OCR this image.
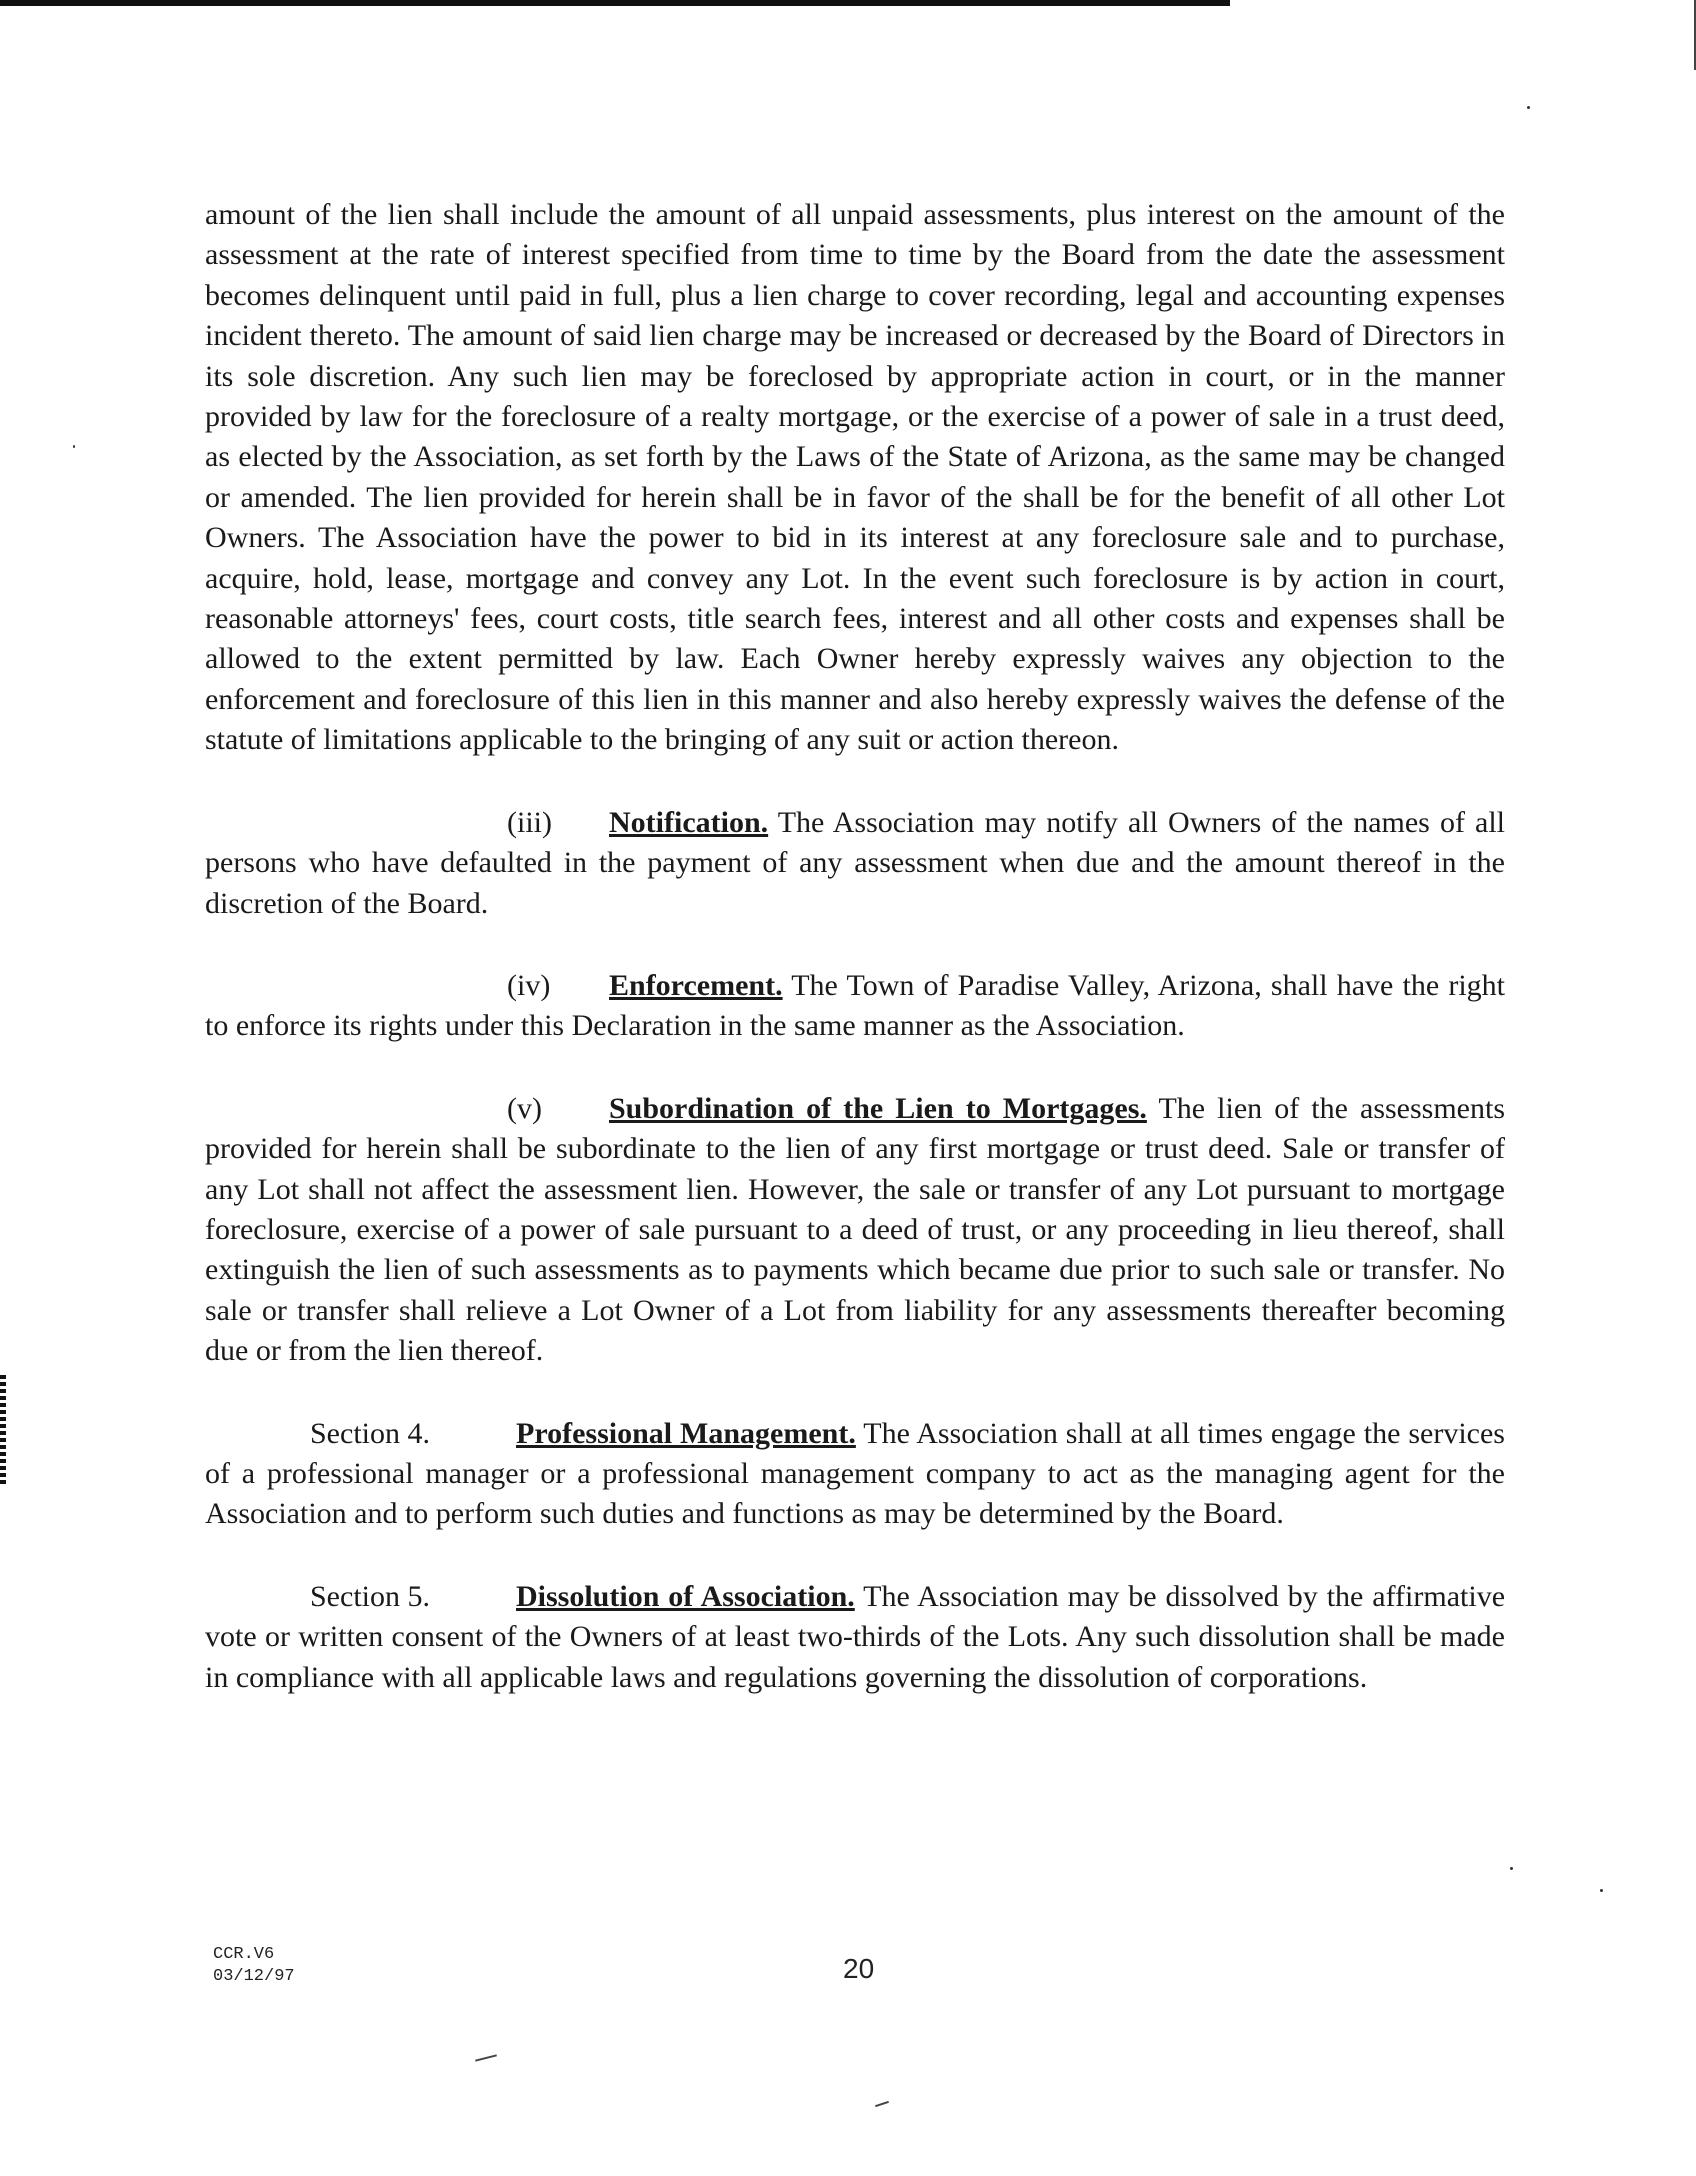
amount of the lien shall include the amount of all unpaid assessments, plus interest on the amount of the assessment at the rate of interest specified from time to time by the Board from the date the assessment becomes delinquent until paid in full, plus a lien charge to cover recording, legal and accounting expenses incident thereto. The amount of said lien charge may be increased or decreased by the Board of Directors in its sole discretion. Any such lien may be foreclosed by appropriate action in court, or in the manner provided by law for the foreclosure of a realty mortgage, or the exercise of a power of sale in a trust deed, as elected by the Association, as set forth by the Laws of the State of Arizona, as the same may be changed or amended. The lien provided for herein shall be in favor of the shall be for the benefit of all other Lot Owners. The Association have the power to bid in its interest at any foreclosure sale and to purchase, acquire, hold, lease, mortgage and convey any Lot. In the event such foreclosure is by action in court, reasonable attorneys' fees, court costs, title search fees, interest and all other costs and expenses shall be allowed to the extent permitted by law. Each Owner hereby expressly waives any objection to the enforcement and foreclosure of this lien in this manner and also hereby expressly waives the defense of the statute of limitations applicable to the bringing of any suit or action thereon.

(iii) Notification. The Association may notify all Owners of the names of all persons who have defaulted in the payment of any assessment when due and the amount thereof in the discretion of the Board.

(iv) Enforcement. The Town of Paradise Valley, Arizona, shall have the right to enforce its rights under this Declaration in the same manner as the Association.

(v) Subordination of the Lien to Mortgages. The lien of the assessments provided for herein shall be subordinate to the lien of any first mortgage or trust deed. Sale or transfer of any Lot shall not affect the assessment lien. However, the sale or transfer of any Lot pursuant to mortgage foreclosure, exercise of a power of sale pursuant to a deed of trust, or any proceeding in lieu thereof, shall extinguish the lien of such assessments as to payments which became due prior to such sale or transfer. No sale or transfer shall relieve a Lot Owner of a Lot from liability for any assessments thereafter becoming due or from the lien thereof.

Section 4.	Professional Management. The Association shall at all times engage the services of a professional manager or a professional management company to act as the managing agent for the Association and to perform such duties and functions as may be determined by the Board.

Section 5.	Dissolution of Association. The Association may be dissolved by the affirmative vote or written consent of the Owners of at least two-thirds of the Lots. Any such dissolution shall be made in compliance with all applicable laws and regulations governing the dissolution of corporations.

CCR.V6
03/12/97	20
